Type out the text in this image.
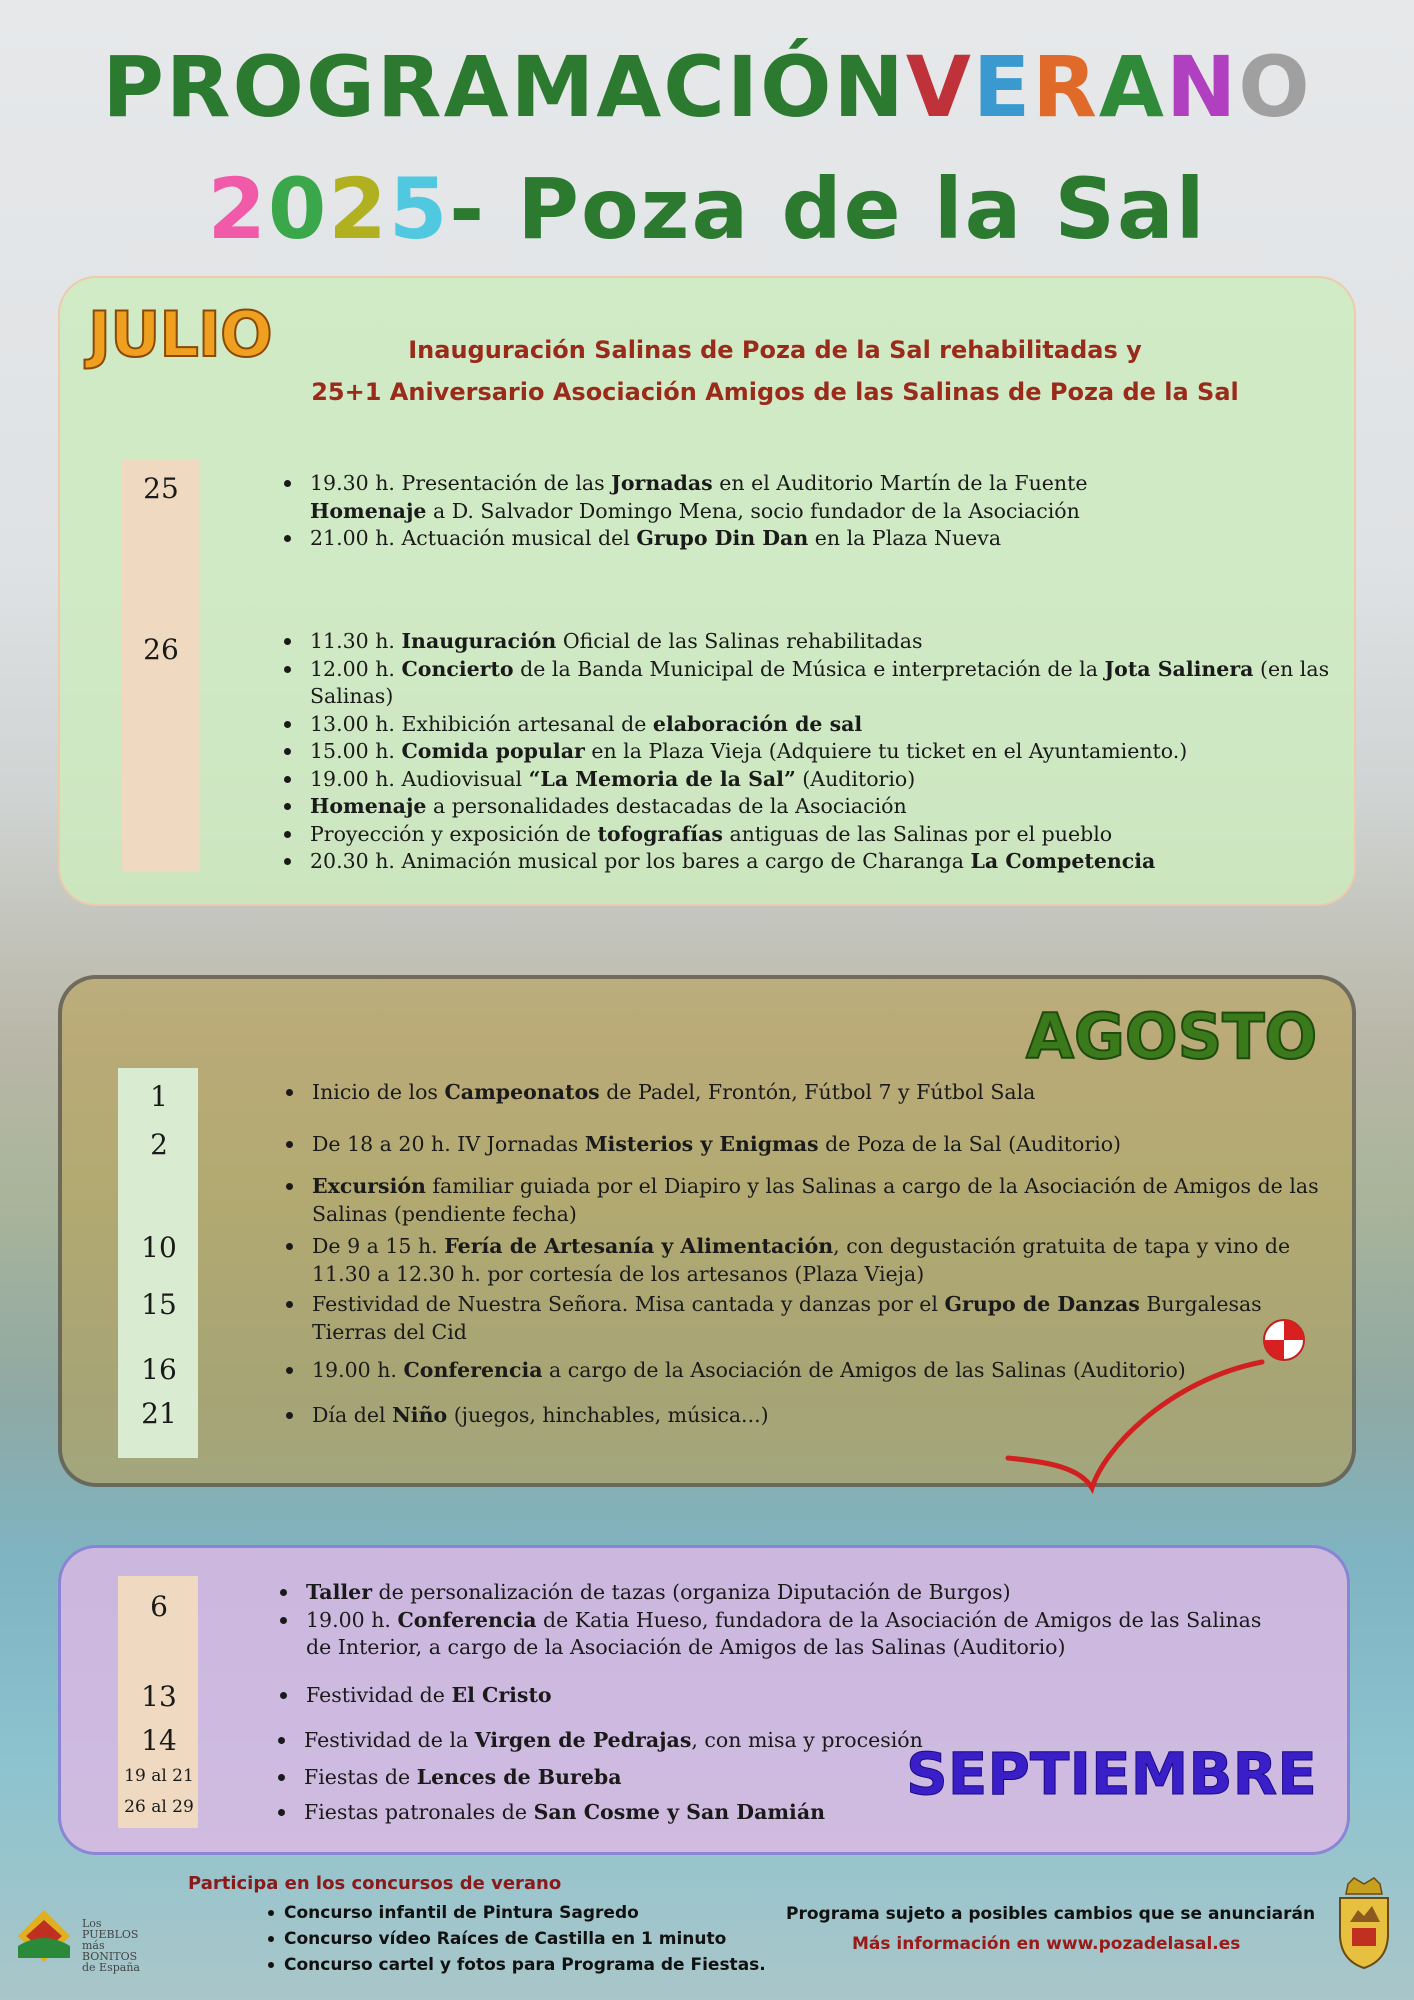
PROGRAMACIÓNVERANO
2025- Poza de la Sal
JULIO	Inauguración Salinas de Poza de la Sal rehabilitadas y
25+1 Aniversario Asociación Amigos de las Salinas de Poza de la Sal
25	19.30 h. Presentación de las Jornadas en el Auditorio Martín de la Fuente
Homenaje a D. Salvador Domingo Mena, socio fundador de la Asociación
21.00 h. Actuación musical del Grupo Din Dan en la Plaza Nueva
26	11.30 h. Inauguración Oficial de las Salinas rehabilitadas
12.00 h. Concierto de la Banda Municipal de Música e interpretación de la Jota Salinera (en las Salinas)
13.00 h. Exhibición artesanal de elaboración de sal
15.00 h. Comida popular en la Plaza Vieja (Adquiere tu ticket en el Ayuntamiento.)
19.00 h. Audiovisual “La Memoria de la Sal” (Auditorio)
Homenaje a personalidades destacadas de la Asociación
Proyección y exposición de tofografías antiguas de las Salinas por el pueblo
20.30 h. Animación musical por los bares a cargo de Charanga La Competencia
AGOSTO
1	Inicio de los Campeonatos de Padel, Frontón, Fútbol 7 y Fútbol Sala
2	De 18 a 20 h. IV Jornadas Misterios y Enigmas de Poza de la Sal (Auditorio)
Excursión familiar guiada por el Diapiro y las Salinas a cargo de la Asociación de Amigos de las Salinas (pendiente fecha)
10	De 9 a 15 h. Fería de Artesanía y Alimentación, con degustación gratuita de tapa y vino de 11.30 a 12.30 h. por cortesía de los artesanos (Plaza Vieja)
15	Festividad de Nuestra Señora. Misa cantada y danzas por el Grupo de Danzas Burgalesas Tierras del Cid
16	19.00 h. Conferencia a cargo de la Asociación de Amigos de las Salinas (Auditorio)
21	Día del Niño (juegos, hinchables, música...)
SEPTIEMBRE
6	Taller de personalización de tazas (organiza Diputación de Burgos)
19.00 h. Conferencia de Katia Hueso, fundadora de la Asociación de Amigos de las Salinas de Interior, a cargo de la Asociación de Amigos de las Salinas (Auditorio)
13	Festividad de El Cristo
14	Festividad de la Virgen de Pedrajas, con misa y procesión
19 al 21	Fiestas de Lences de Bureba
26 al 29	Fiestas patronales de San Cosme y San Damián
Participa en los concursos de verano
Concurso infantil de Pintura Sagredo
Concurso vídeo Raíces de Castilla en 1 minuto
Concurso cartel y fotos para Programa de Fiestas.
Programa sujeto a posibles cambios que se anunciarán
Más información en www.pozadelasal.es
Los PUEBLOS
más BONITOS
de España
